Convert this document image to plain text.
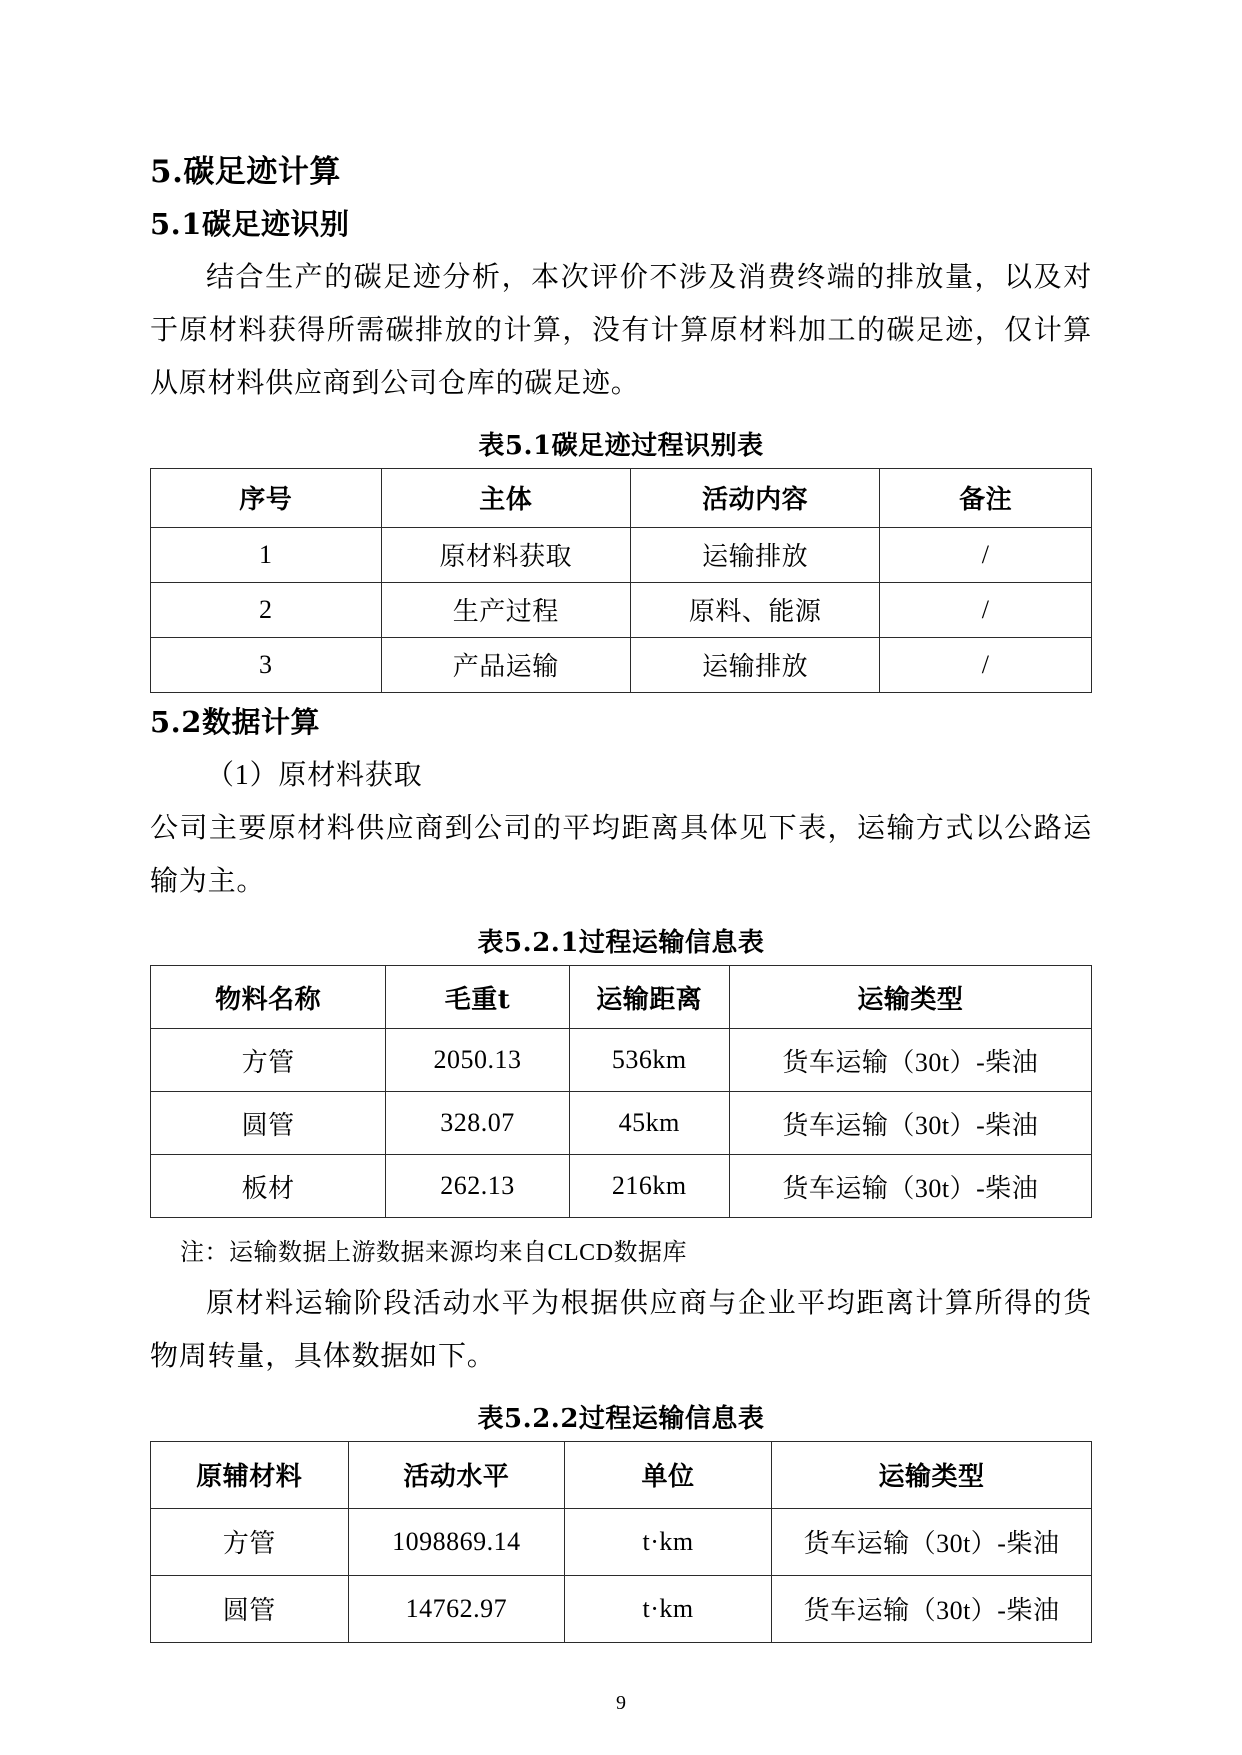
5.碳足迹计算
5.1碳足迹识别

结合生产的碳足迹分析，本次评价不涉及消费终端的排放量，以及对于原材料获得所需碳排放的计算，没有计算原材料加工的碳足迹，仅计算从原材料供应商到公司仓库的碳足迹。

表5.1碳足迹过程识别表
序号	主体	活动内容	备注
1	原材料获取	运输排放	/
2	生产过程	原料、能源	/
3	产品运输	运输排放	/
5.2数据计算

（1）原材料获取

公司主要原材料供应商到公司的平均距离具体见下表，运输方式以公路运输为主。

表5.2.1过程运输信息表
物料名称	毛重t	运输距离	运输类型
方管	2050.13	536km	货车运输（30t）-柴油
圆管	328.07	45km	货车运输（30t）-柴油
板材	262.13	216km	货车运输（30t）-柴油
注：运输数据上游数据来源均来自CLCD数据库

原材料运输阶段活动水平为根据供应商与企业平均距离计算所得的货物周转量，具体数据如下。

表5.2.2过程运输信息表
原辅材料	活动水平	单位	运输类型
方管	1098869.14	t·km	货车运输（30t）-柴油
圆管	14762.97	t·km	货车运输（30t）-柴油
9
